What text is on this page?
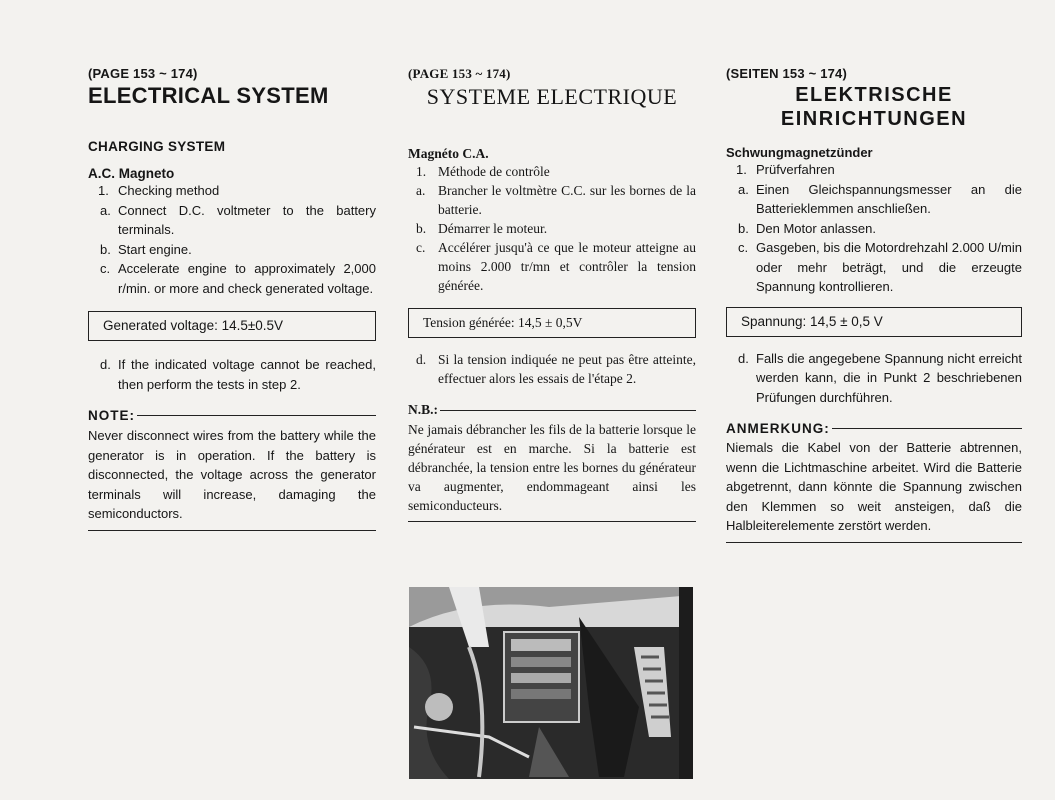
(PAGE 153 ~ 174)
ELECTRICAL SYSTEM
CHARGING SYSTEM
A.C. Magneto
1. Checking method
a. Connect D.C. voltmeter to the battery terminals.
b. Start engine.
c. Accelerate engine to approximately 2,000 r/min. or more and check generated voltage.
Generated voltage: 14.5±0.5V
d. If the indicated voltage cannot be reached, then perform the tests in step 2.
NOTE:
Never disconnect wires from the battery while the generator is in operation. If the battery is disconnected, the voltage across the generator terminals will increase, damaging the semiconductors.
(PAGE 153 ~ 174)
SYSTEME ELECTRIQUE
Magnéto C.A.
1. Méthode de contrôle
a. Brancher le voltmètre C.C. sur les bornes de la batterie.
b. Démarrer le moteur.
c. Accélérer jusqu'à ce que le moteur atteigne au moins 2.000 tr/mn et contrôler la tension générée.
Tension générée: 14,5 ± 0,5V
d. Si la tension indiquée ne peut pas être atteinte, effectuer alors les essais de l'étape 2.
N.B.:
Ne jamais débrancher les fils de la batterie lorsque le générateur est en marche. Si la batterie est débranchée, la tension entre les bornes du générateur va augmenter, endommageant ainsi les semiconducteurs.
(SEITEN 153 ~ 174)
ELEKTRISCHE
EINRICHTUNGEN
Schwungmagnetzünder
1. Prüfverfahren
a. Einen Gleichspannungsmesser an die Batterieklemmen anschließen.
b. Den Motor anlassen.
c. Gasgeben, bis die Motordrehzahl 2.000 U/min oder mehr beträgt, und die erzeugte Spannung kontrollieren.
Spannung: 14,5 ± 0,5 V
d. Falls die angegebene Spannung nicht erreicht werden kann, die in Punkt 2 beschriebenen Prüfungen durchführen.
ANMERKUNG:
Niemals die Kabel von der Batterie abtrennen, wenn die Lichtmaschine arbeitet. Wird die Batterie abgetrennt, dann könnte die Spannung zwischen den Klemmen so weit ansteigen, daß die Halbleiterelemente zerstört werden.
